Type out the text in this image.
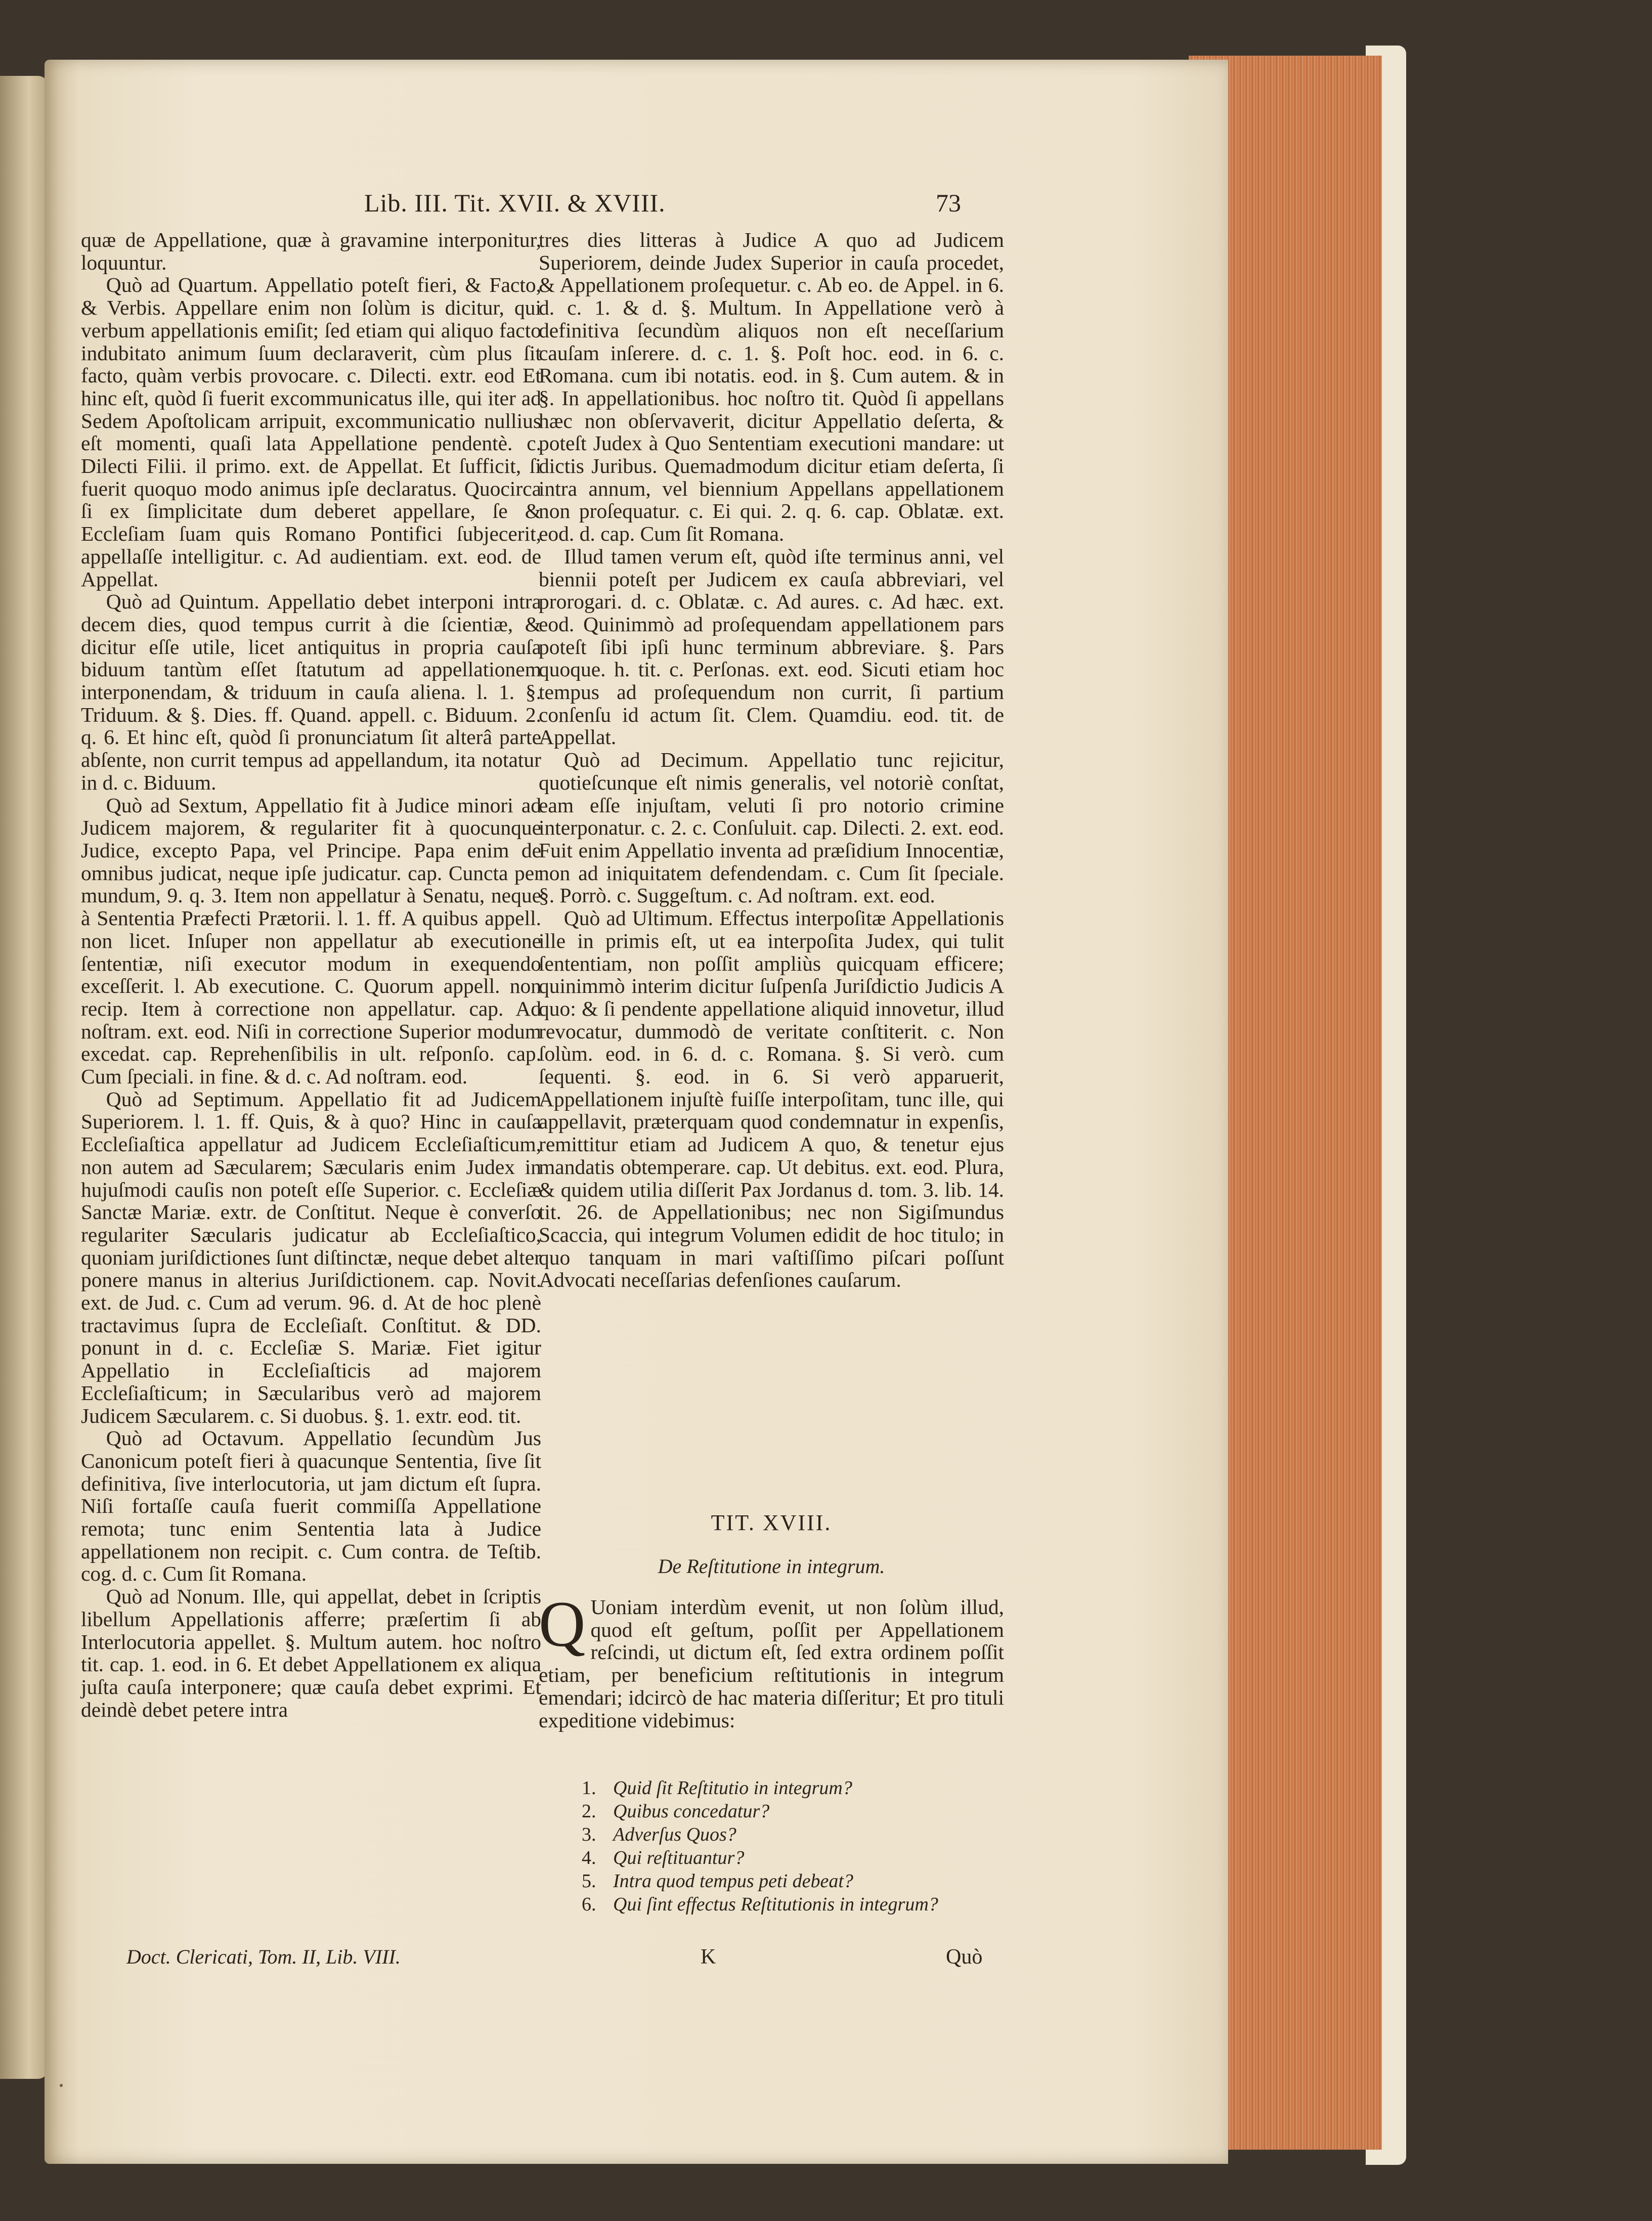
Lib. III. Tit. XVII. & XVIII.	73

quæ de Appellatione, quæ à gravamine interponitur, loquuntur.

Quò ad Quartum. Appellatio poteſt fieri, & Facto, & Verbis. Appellare enim non ſolùm is dicitur, qui verbum appellationis emiſit; ſed etiam qui aliquo facto indubitato animum ſuum declaraverit, cùm plus ſit facto, quàm verbis provocare. c. Dilecti. extr. eod Et hinc eſt, quòd ſi fuerit excommunicatus ille, qui iter ad Sedem Apoſtolicam arripuit, excommunicatio nullius eſt momenti, quaſi lata Appellatione pendentè. c. Dilecti Filii. il primo. ext. de Appellat. Et ſufficit, ſi fuerit quoquo modo animus ipſe declaratus. Quocirca ſi ex ſimplicitate dum deberet appellare, ſe & Eccleſiam ſuam quis Romano Pontifici ſubjecerit, appellaſſe intelligitur. c. Ad audientiam. ext. eod. de Appellat.

Quò ad Quintum. Appellatio debet interponi intra decem dies, quod tempus currit à die ſcientiæ, & dicitur eſſe utile, licet antiquitus in propria cauſa biduum tantùm eſſet ſtatutum ad appellationem interponendam, & triduum in cauſa aliena. l. 1. §. Triduum. & §. Dies. ff. Quand. appell. c. Biduum. 2. q. 6. Et hinc eſt, quòd ſi pronunciatum ſit alterâ parte abſente, non currit tempus ad appellandum, ita notatur in d. c. Biduum.

Quò ad Sextum, Appellatio fit à Judice minori ad Judicem majorem, & regulariter fit à quocunque Judice, excepto Papa, vel Principe. Papa enim de omnibus judicat, neque ipſe judicatur. cap. Cuncta per mundum, 9. q. 3. Item non appellatur à Senatu, neque à Sententia Præfecti Prætorii. l. 1. ff. A quibus appell. non licet. Inſuper non appellatur ab executione ſententiæ, niſi executor modum in exequendo exceſſerit. l. Ab executione. C. Quorum appell. non recip. Item à correctione non appellatur. cap. Ad noſtram. ext. eod. Niſi in correctione Superior modum excedat. cap. Reprehenſibilis in ult. reſponſo. cap. Cum ſpeciali. in fine. & d. c. Ad noſtram. eod.

Quò ad Septimum. Appellatio fit ad Judicem Superiorem. l. 1. ff. Quis, & à quo? Hinc in cauſa Eccleſiaſtica appellatur ad Judicem Eccleſiaſticum, non autem ad Sæcularem; Sæcularis enim Judex in hujuſmodi cauſis non poteſt eſſe Superior. c. Eccleſiæ Sanctæ Mariæ. extr. de Conſtitut. Neque è converſo regulariter Sæcularis judicatur ab Eccleſiaſtico, quoniam juriſdictiones ſunt diſtinctæ, neque debet alter ponere manus in alterius Juriſdictionem. cap. Novit. ext. de Jud. c. Cum ad verum. 96. d. At de hoc plenè tractavimus ſupra de Eccleſiaſt. Conſtitut. & DD. ponunt in d. c. Eccleſiæ S. Mariæ. Fiet igitur Appellatio in Eccleſiaſticis ad majorem Eccleſiaſticum; in Sæcularibus verò ad majorem Judicem Sæcularem. c. Si duobus. §. 1. extr. eod. tit.

Quò ad Octavum. Appellatio ſecundùm Jus Canonicum poteſt fieri à quacunque Sententia, ſive ſit definitiva, ſive interlocutoria, ut jam dictum eſt ſupra. Niſi fortaſſe cauſa fuerit commiſſa Appellatione remota; tunc enim Sententia lata à Judice appellationem non recipit. c. Cum contra. de Teſtib. cog. d. c. Cum ſit Romana.

Quò ad Nonum. Ille, qui appellat, debet in ſcriptis libellum Appellationis afferre; præſertim ſi ab Interlocutoria appellet. §. Multum autem. hoc noſtro tit. cap. 1. eod. in 6. Et debet Appellationem ex aliqua juſta cauſa interponere; quæ cauſa debet exprimi. Et deindè debet petere intra

Doct. Clericati, Tom. II, Lib. VIII.

tres dies litteras à Judice A quo ad Judicem Superiorem, deinde Judex Superior in cauſa procedet, & Appellationem proſequetur. c. Ab eo. de Appel. in 6. d. c. 1. & d. §. Multum. In Appellatione verò à definitiva ſecundùm aliquos non eſt neceſſarium cauſam inſerere. d. c. 1. §. Poſt hoc. eod. in 6. c. Romana. cum ibi notatis. eod. in §. Cum autem. & in §. In appellationibus. hoc noſtro tit. Quòd ſi appellans hæc non obſervaverit, dicitur Appellatio deſerta, & poteſt Judex à Quo Sententiam executioni mandare: ut dictis Juribus. Quemadmodum dicitur etiam deſerta, ſi intra annum, vel biennium Appellans appellationem non proſequatur. c. Ei qui. 2. q. 6. cap. Oblatæ. ext. eod. d. cap. Cum ſit Romana.

Illud tamen verum eſt, quòd iſte terminus anni, vel biennii poteſt per Judicem ex cauſa abbreviari, vel prorogari. d. c. Oblatæ. c. Ad aures. c. Ad hæc. ext. eod. Quinimmò ad proſequendam appellationem pars poteſt ſibi ipſi hunc terminum abbreviare. §. Pars quoque. h. tit. c. Perſonas. ext. eod. Sicuti etiam hoc tempus ad proſequendum non currit, ſi partium conſenſu id actum ſit. Clem. Quamdiu. eod. tit. de Appellat.

Quò ad Decimum. Appellatio tunc rejicitur, quotieſcunque eſt nimis generalis, vel notoriè conſtat, eam eſſe injuſtam, veluti ſi pro notorio crimine interponatur. c. 2. c. Conſuluit. cap. Dilecti. 2. ext. eod. Fuit enim Appellatio inventa ad præſidium Innocentiæ, non ad iniquitatem defendendam. c. Cum ſit ſpeciale. §. Porrò. c. Suggeſtum. c. Ad noſtram. ext. eod.

Quò ad Ultimum. Effectus interpoſitæ Appellationis ille in primis eſt, ut ea interpoſita Judex, qui tulit ſententiam, non poſſit ampliùs quicquam efficere; quinimmò interim dicitur ſuſpenſa Juriſdictio Judicis A quo: & ſi pendente appellatione aliquid innovetur, illud revocatur, dummodò de veritate conſtiterit. c. Non ſolùm. eod. in 6. d. c. Romana. §. Si verò. cum ſequenti. §. eod. in 6. Si verò apparuerit, Appellationem injuſtè fuiſſe interpoſitam, tunc ille, qui appellavit, præterquam quod condemnatur in expenſis, remittitur etiam ad Judicem A quo, & tenetur ejus mandatis obtemperare. cap. Ut debitus. ext. eod. Plura, & quidem utilia diſſerit Pax Jordanus d. tom. 3. lib. 14. tit. 26. de Appellationibus; nec non Sigiſmundus Scaccia, qui integrum Volumen edidit de hoc titulo; in quo tanquam in mari vaſtiſſimo piſcari poſſunt Advocati neceſſarias defenſiones cauſarum.

TIT. XVIII.
De Reſtitutione in integrum.
Q Uoniam interdùm evenit, ut non ſolùm illud, quod eſt geſtum, poſſit per Appellationem reſcindi, ut dictum eſt, ſed extra ordinem poſſit etiam, per beneficium reſtitutionis in integrum emendari; idcircò de hac materia diſſeritur; Et pro tituli expeditione videbimus:
1. Quid ſit Reſtitutio in integrum?
2. Quibus concedatur?
3. Adverſus Quos?
4. Qui reſtituantur?
5. Intra quod tempus peti debeat?
6. Qui ſint effectus Reſtitutionis in integrum?
K	Quò
